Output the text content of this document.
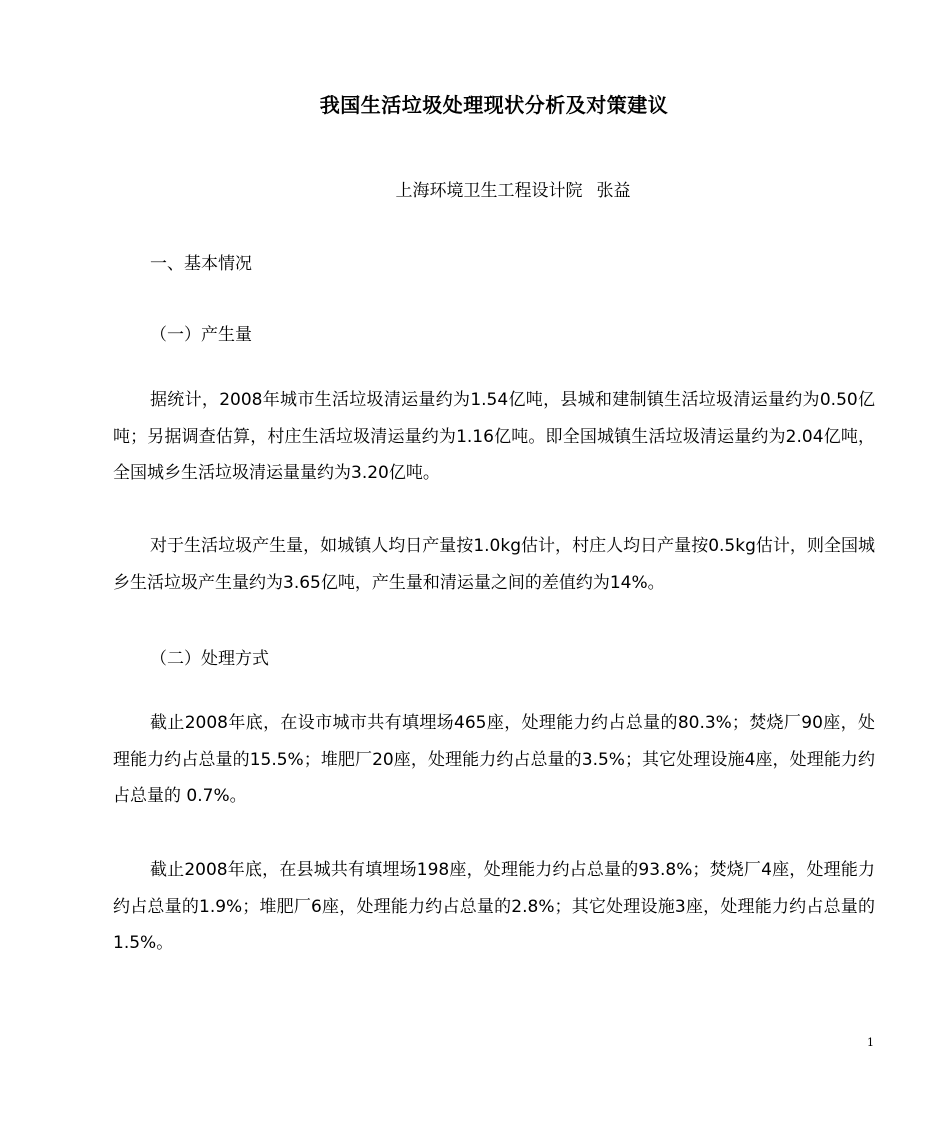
我国生活垃圾处理现状分析及对策建议
上海环境卫生工程设计院 张益
一、基本情况
（一）产生量

据统计，2008年城市生活垃圾清运量约为1.54亿吨，县城和建制镇生活垃圾清运量约为0.50亿吨；另据调查估算，村庄生活垃圾清运量约为1.16亿吨。即全国城镇生活垃圾清运量约为2.04亿吨，全国城乡生活垃圾清运量量约为3.20亿吨。

对于生活垃圾产生量，如城镇人均日产量按1.0kg估计，村庄人均日产量按0.5kg估计，则全国城乡生活垃圾产生量约为3.65亿吨，产生量和清运量之间的差值约为14%。

（二）处理方式

截止2008年底，在设市城市共有填埋场465座，处理能力约占总量的80.3%；焚烧厂90座，处理能力约占总量的15.5%；堆肥厂20座，处理能力约占总量的3.5%；其它处理设施4座，处理能力约占总量的 0.7%。

截止2008年底，在县城共有填埋场198座，处理能力约占总量的93.8%；焚烧厂4座，处理能力约占总量的1.9%；堆肥厂6座，处理能力约占总量的2.8%；其它处理设施3座，处理能力约占总量的1.5%。

1
